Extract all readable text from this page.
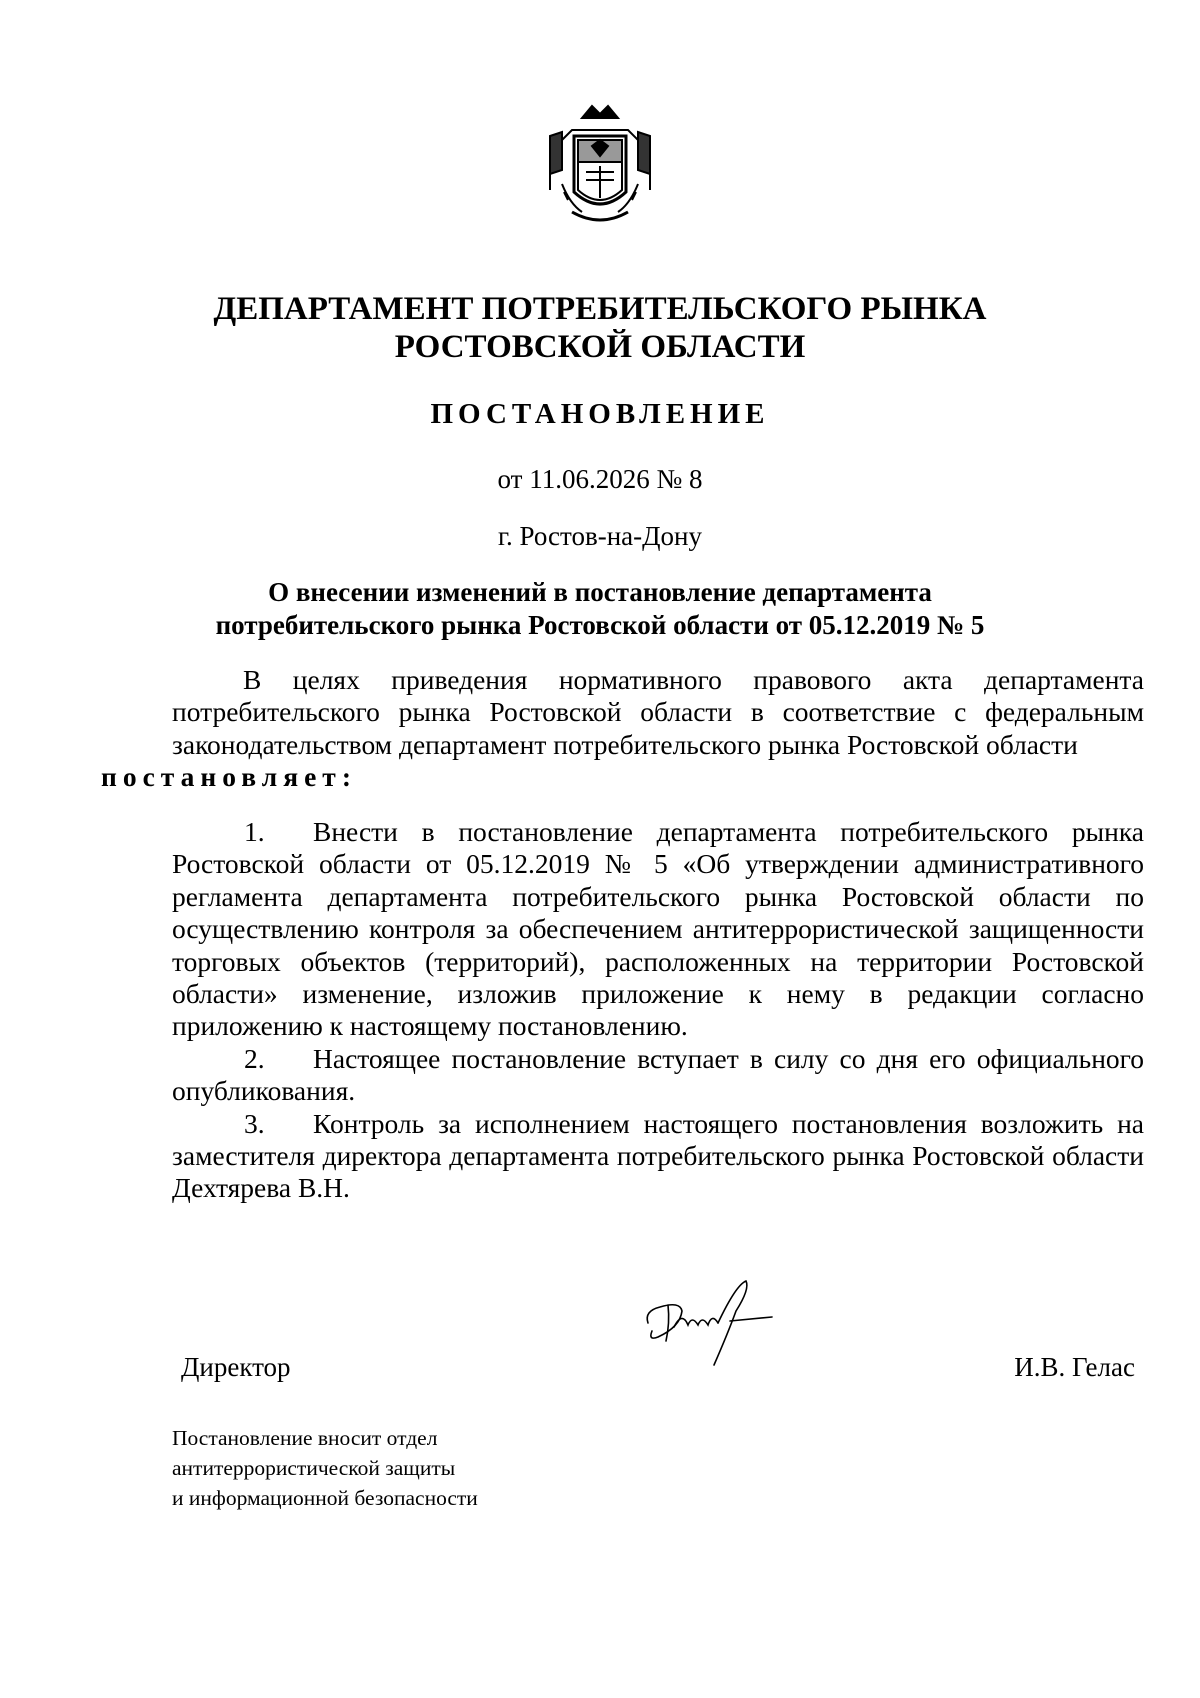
ДЕПАРТАМЕНТ ПОТРЕБИТЕЛЬСКОГО РЫНКА
РОСТОВСКОЙ ОБЛАСТИ
ПОСТАНОВЛЕНИЕ
от 11.06.2026 № 8
г. Ростов-на-Дону
О внесении изменений в постановление департамента
потребительского рынка Ростовской области от 05.12.2019 № 5

В целях приведения нормативного правового акта департамента потребительского рынка Ростовской области в соответствие с федеральным законодательством департамент потребительского рынка Ростовской области
постановляет:

1. Внести в постановление департамента потребительского рынка Ростовской области от 05.12.2019 № 5 «Об утверждении административного регламента департамента потребительского рынка Ростовской области по осуществлению контроля за обеспечением антитеррористической защищенности торговых объектов (территорий), расположенных на территории Ростовской области» изменение, изложив приложение к нему в редакции согласно приложению к настоящему постановлению.

2. Настоящее постановление вступает в силу со дня его официального опубликования.

3. Контроль за исполнением настоящего постановления возложить на заместителя директора департамента потребительского рынка Ростовской области Дехтярева В.Н.

Директор	И.В. Гелас
Постановление вносит отдел
антитеррористической защиты
и информационной безопасности
